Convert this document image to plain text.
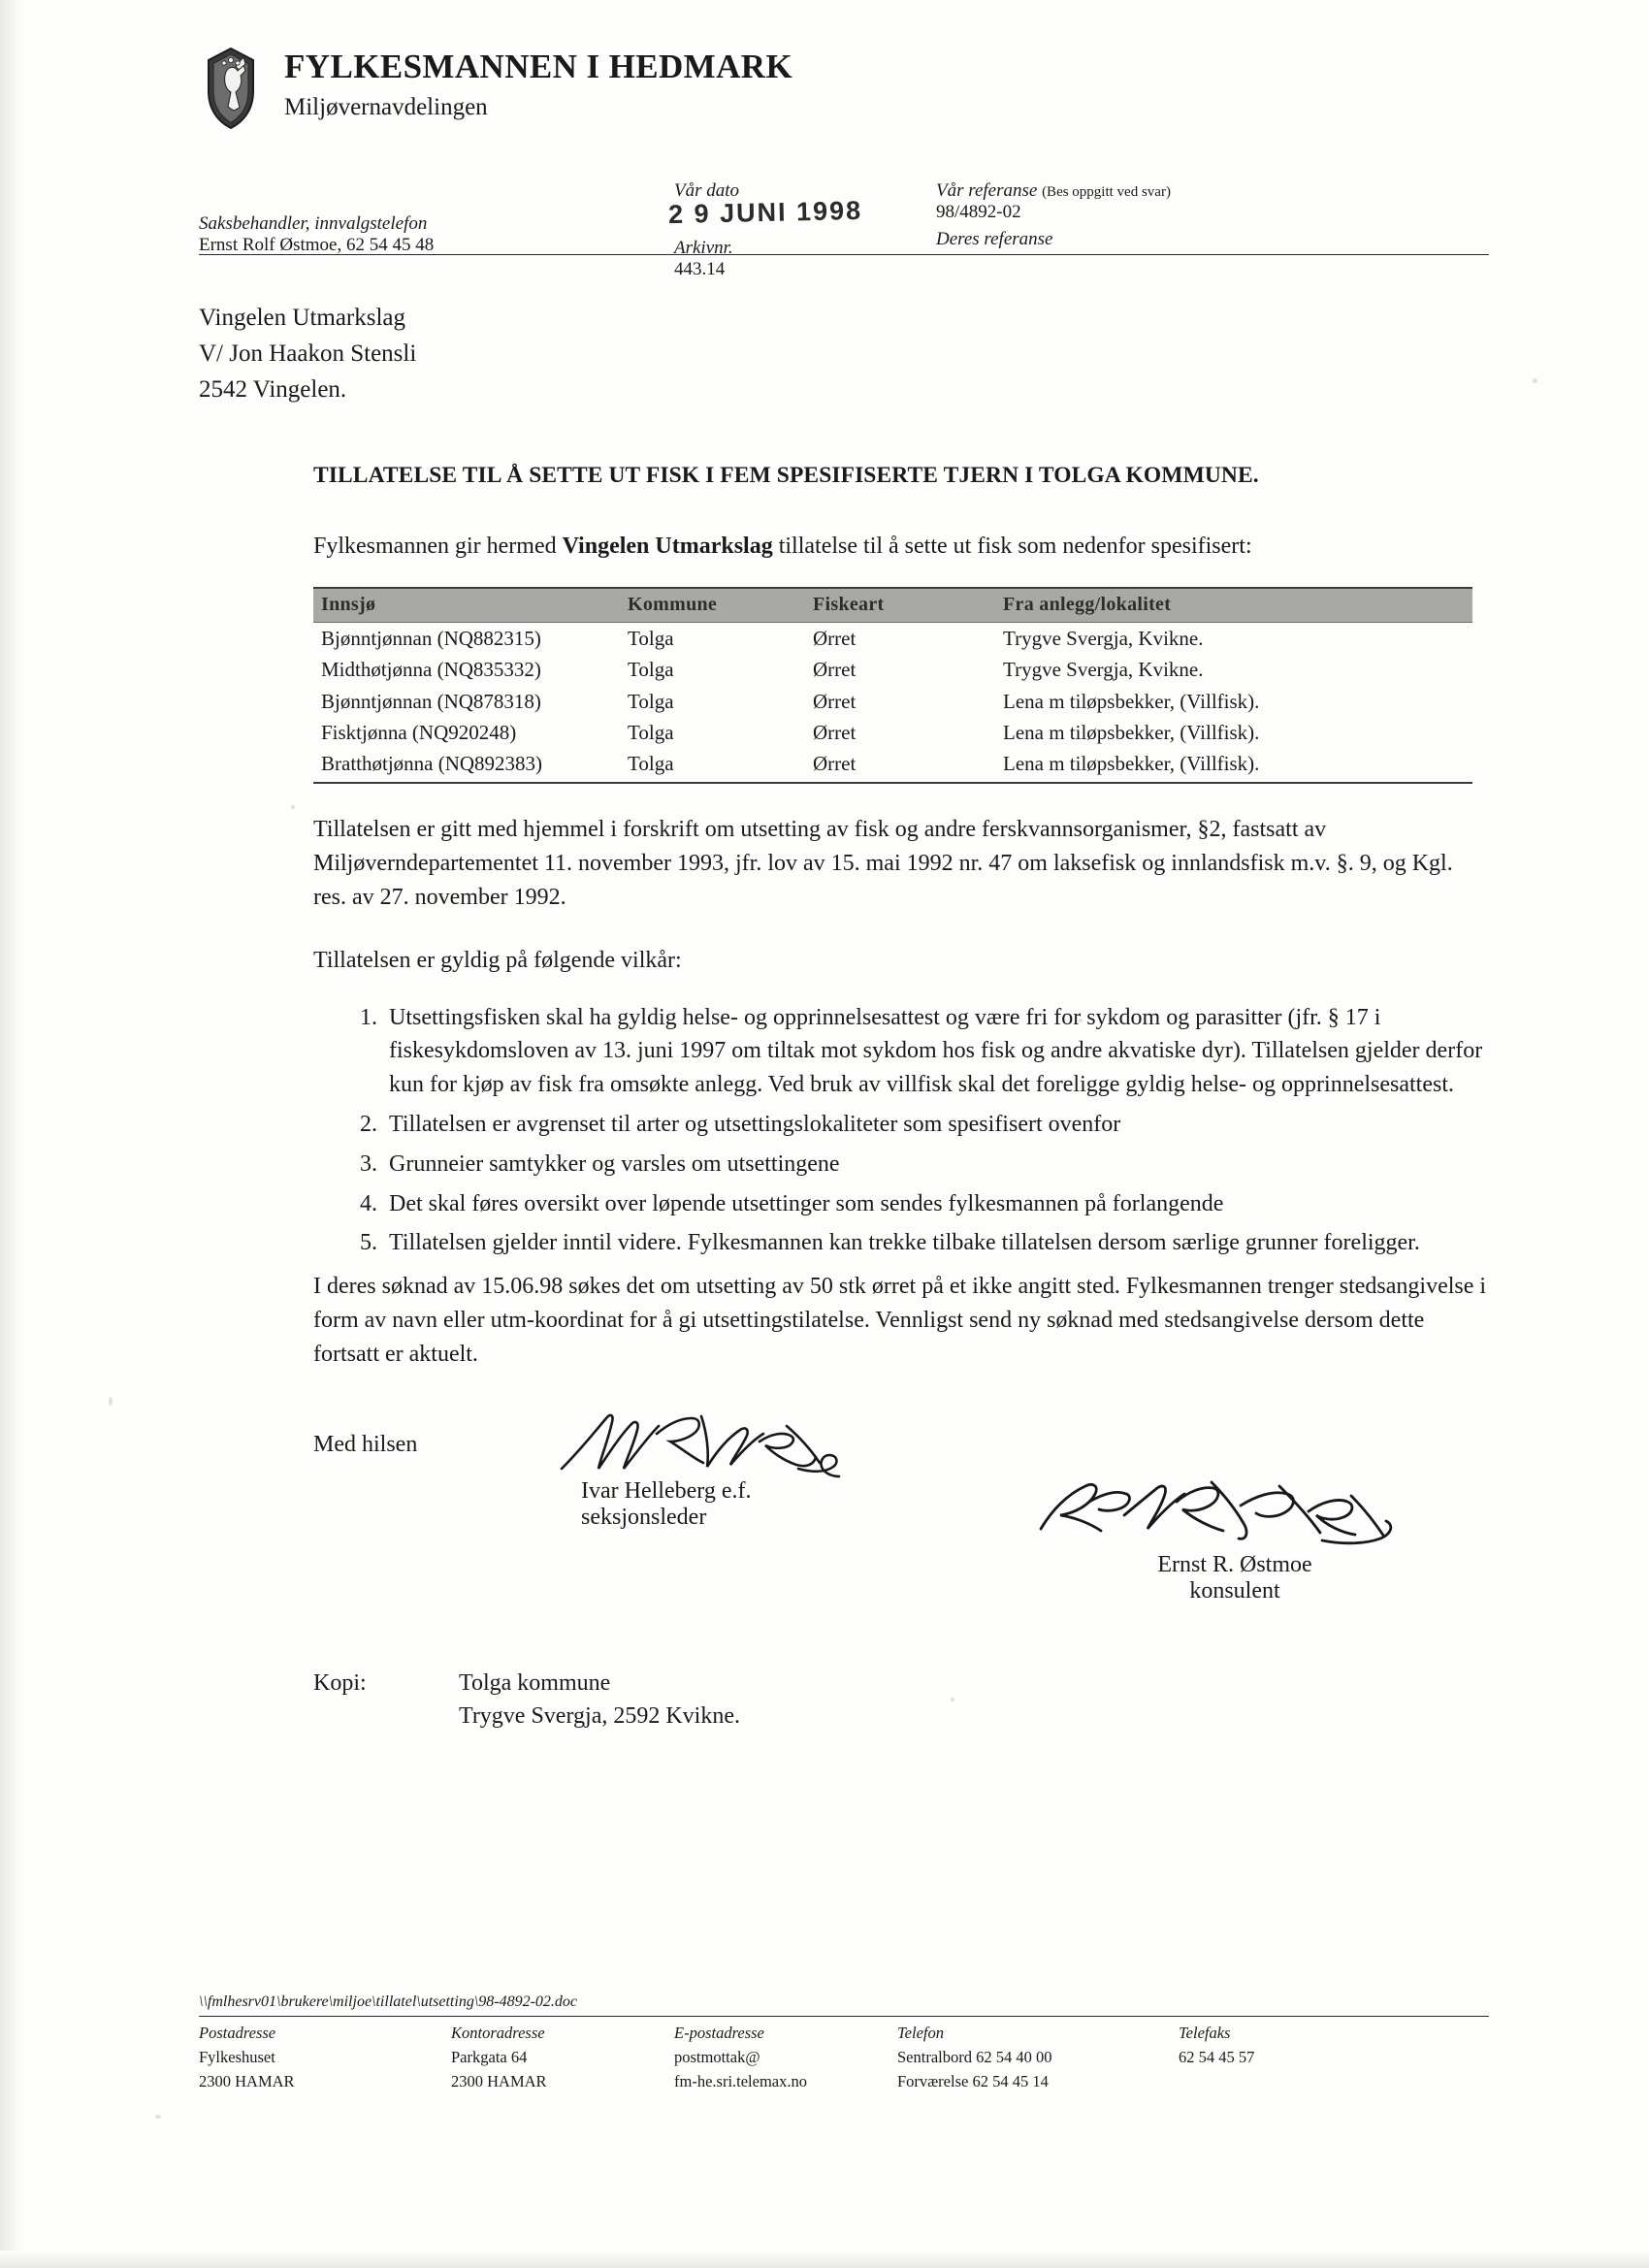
FYLKESMANNEN I HEDMARK
Miljøvernavdelingen
Saksbehandler, innvalgstelefon
Ernst Rolf Østmoe, 62 54 45 48
Vår dato
2 9 JUNI 1998
Arkivnr.
443.14
Vår referanse (Bes oppgitt ved svar)
98/4892-02
Deres referanse
Vingelen Utmarkslag
V/ Jon Haakon Stensli
2542 Vingelen.
TILLATELSE TIL Å SETTE UT FISK I FEM SPESIFISERTE TJERN I TOLGA KOMMUNE.

Fylkesmannen gir hermed Vingelen Utmarkslag tillatelse til å sette ut fisk som nedenfor spesifisert:

Innsjø	Kommune	Fiskeart	Fra anlegg/lokalitet
Bjønntjønnan (NQ882315)	Tolga	Ørret	Trygve Svergja, Kvikne.
Midthøtjønna (NQ835332)	Tolga	Ørret	Trygve Svergja, Kvikne.
Bjønntjønnan (NQ878318)	Tolga	Ørret	Lena m tiløpsbekker, (Villfisk).
Fisktjønna (NQ920248)	Tolga	Ørret	Lena m tiløpsbekker, (Villfisk).
Bratthøtjønna (NQ892383)	Tolga	Ørret	Lena m tiløpsbekker, (Villfisk).

Tillatelsen er gitt med hjemmel i forskrift om utsetting av fisk og andre ferskvannsorganismer, §2, fastsatt av Miljøverndepartementet 11. november 1993, jfr. lov av 15. mai 1992 nr. 47 om laksefisk og innlandsfisk m.v. §. 9, og Kgl. res. av 27. november 1992.

Tillatelsen er gyldig på følgende vilkår:

1. Utsettingsfisken skal ha gyldig helse- og opprinnelsesattest og være fri for sykdom og parasitter (jfr. § 17 i fiskesykdomsloven av 13. juni 1997 om tiltak mot sykdom hos fisk og andre akvatiske dyr). Tillatelsen gjelder derfor kun for kjøp av fisk fra omsøkte anlegg. Ved bruk av villfisk skal det foreligge gyldig helse- og opprinnelsesattest.
2. Tillatelsen er avgrenset til arter og utsettingslokaliteter som spesifisert ovenfor
3. Grunneier samtykker og varsles om utsettingene
4. Det skal føres oversikt over løpende utsettinger som sendes fylkesmannen på forlangende
5. Tillatelsen gjelder inntil videre. Fylkesmannen kan trekke tilbake tillatelsen dersom særlige grunner foreligger.

I deres søknad av 15.06.98 søkes det om utsetting av 50 stk ørret på et ikke angitt sted. Fylkesmannen trenger stedsangivelse i form av navn eller utm-koordinat for å gi utsettingstilatelse. Vennligst send ny søknad med stedsangivelse dersom dette fortsatt er aktuelt.

Med hilsen
Ivar Helleberg e.f.
seksjonsleder
Ernst R. Østmoe
konsulent
Kopi:	Tolga kommune
Trygve Svergja, 2592 Kvikne.
\\fmlhesrv01\brukere\miljoe\tillatel\utsetting\98-4892-02.doc
Postadresse
Fylkeshuset
2300 HAMAR
Kontoradresse
Parkgata 64
2300 HAMAR
E-postadresse
postmottak@
fm-he.sri.telemax.no
Telefon
Sentralbord 62 54 40 00
Forværelse 62 54 45 14
Telefaks
62 54 45 57
